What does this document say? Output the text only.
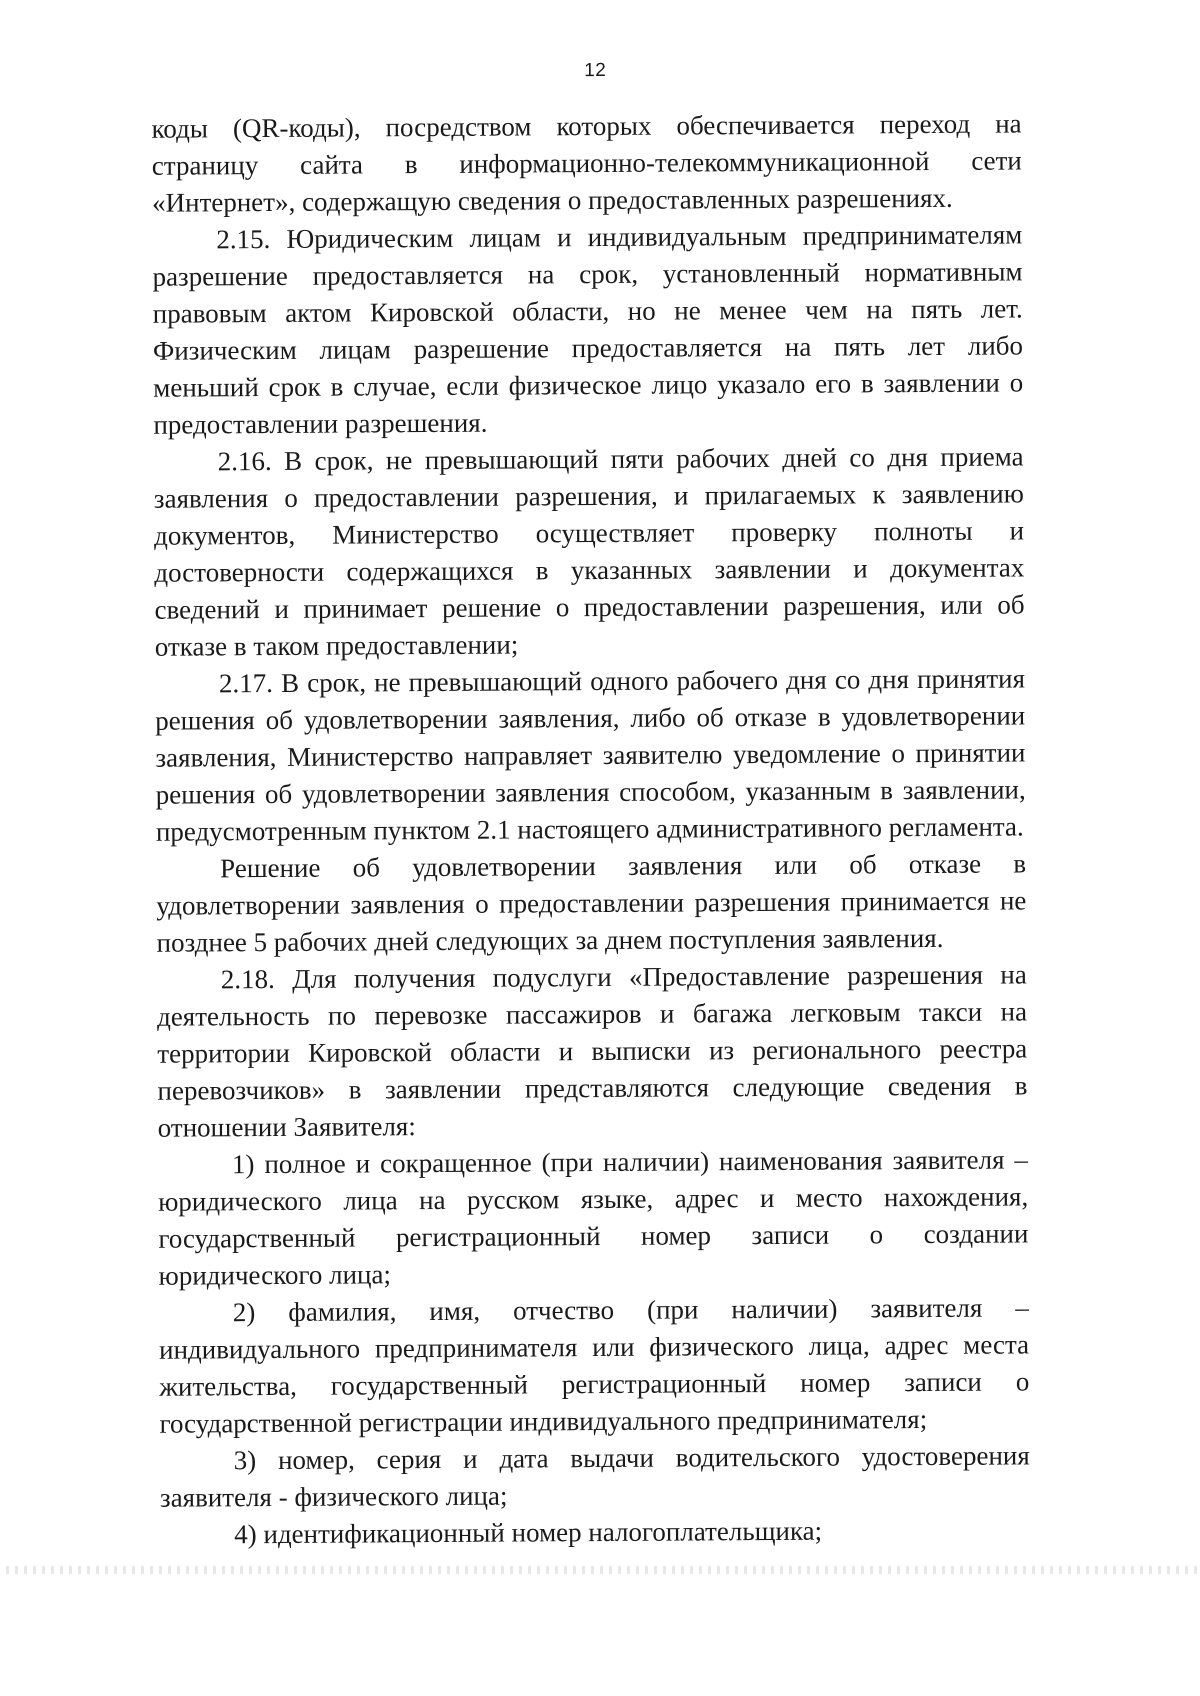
12

коды (QR-коды), посредством которых обеспечивается переход на страницу сайта в информационно-телекоммуникационной сети «Интернет», содержащую сведения о предоставленных разрешениях.

2.15. Юридическим лицам и индивидуальным предпринимателям разрешение предоставляется на срок, установленный нормативным правовым актом Кировской области, но не менее чем на пять лет. Физическим лицам разрешение предоставляется на пять лет либо меньший срок в случае, если физическое лицо указало его в заявлении о предоставлении разрешения.

2.16. В срок, не превышающий пяти рабочих дней со дня приема заявления о предоставлении разрешения, и прилагаемых к заявлению документов, Министерство осуществляет проверку полноты и достоверности содержащихся в указанных заявлении и документах сведений и принимает решение о предоставлении разрешения, или об отказе в таком предоставлении;

2.17. В срок, не превышающий одного рабочего дня со дня принятия решения об удовлетворении заявления, либо об отказе в удовлетворении заявления, Министерство направляет заявителю уведомление о принятии решения об удовлетворении заявления способом, указанным в заявлении, предусмотренным пунктом 2.1 настоящего административного регламента.

Решение об удовлетворении заявления или об отказе в удовлетворении заявления о предоставлении разрешения принимается не позднее 5 рабочих дней следующих за днем поступления заявления.

2.18. Для получения подуслуги «Предоставление разрешения на деятельность по перевозке пассажиров и багажа легковым такси на территории Кировской области и выписки из регионального реестра перевозчиков» в заявлении представляются следующие сведения в отношении Заявителя:

1) полное и сокращенное (при наличии) наименования заявителя – юридического лица на русском языке, адрес и место нахождения, государственный регистрационный номер записи о создании юридического лица;

2) фамилия, имя, отчество (при наличии) заявителя – индивидуального предпринимателя или физического лица, адрес места жительства, государственный регистрационный номер записи о государственной регистрации индивидуального предпринимателя;

3) номер, серия и дата выдачи водительского удостоверения заявителя - физического лица;

4) идентификационный номер налогоплательщика;
